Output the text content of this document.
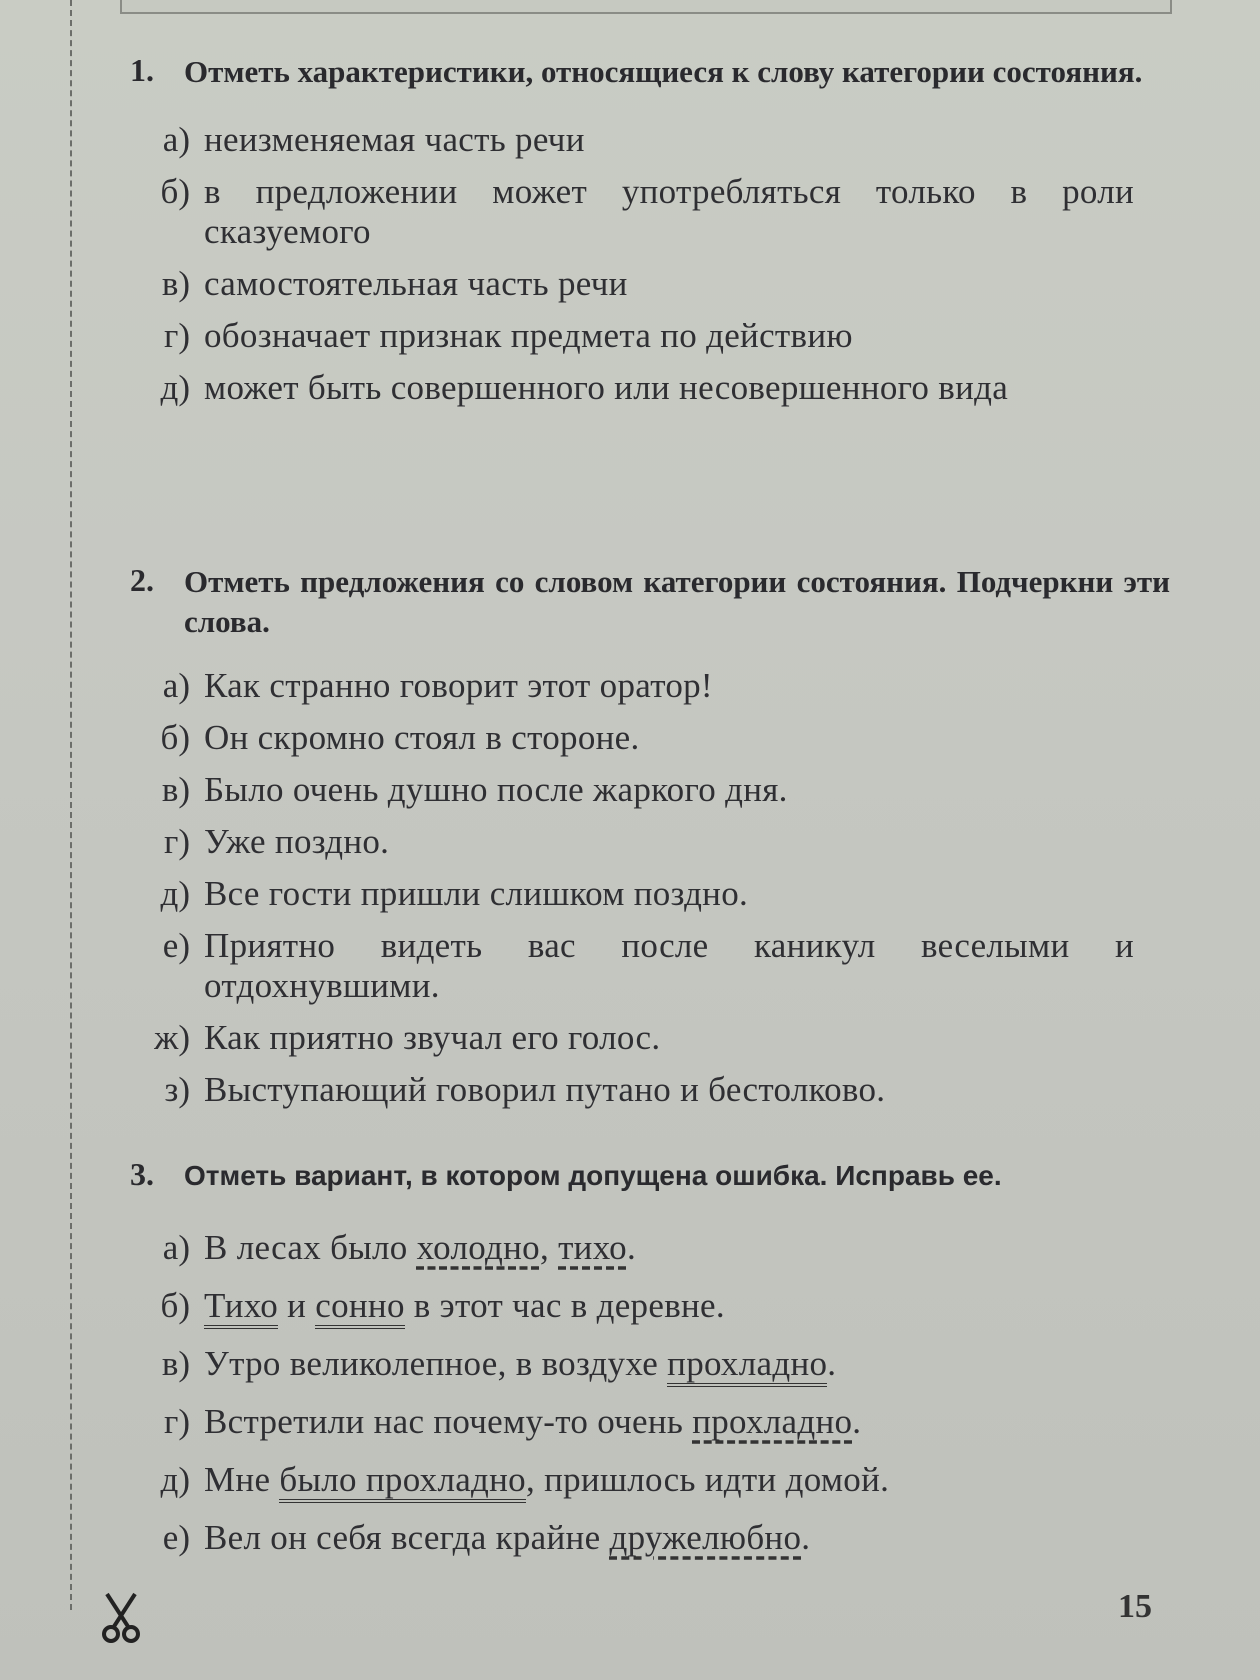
1. Отметь характеристики, относящиеся к слову категории состояния.
а) неизменяемая часть речи
б) в предложении может употребляться только в роли сказуемого
в) самостоятельная часть речи
г) обозначает признак предмета по действию
д) может быть совершенного или несовершенного вида
2. Отметь предложения со словом категории состояния. Подчеркни эти слова.
а) Как странно говорит этот оратор!
б) Он скромно стоял в стороне.
в) Было очень душно после жаркого дня.
г) Уже поздно.
д) Все гости пришли слишком поздно.
е) Приятно видеть вас после каникул веселыми и отдохнувшими.
ж) Как приятно звучал его голос.
з) Выступающий говорил путано и бестолково.
3.	Отметь вариант, в котором допущена ошибка. Исправь ее.
а) В лесах было холодно, тихо.
б) Тихо и сонно в этот час в деревне.
в) Утро великолепное, в воздухе прохладно.
г) Встретили нас почему-то очень прохладно.
д) Мне было прохладно, пришлось идти домой.
е) Вел он себя всегда крайне дружелюбно.
15
